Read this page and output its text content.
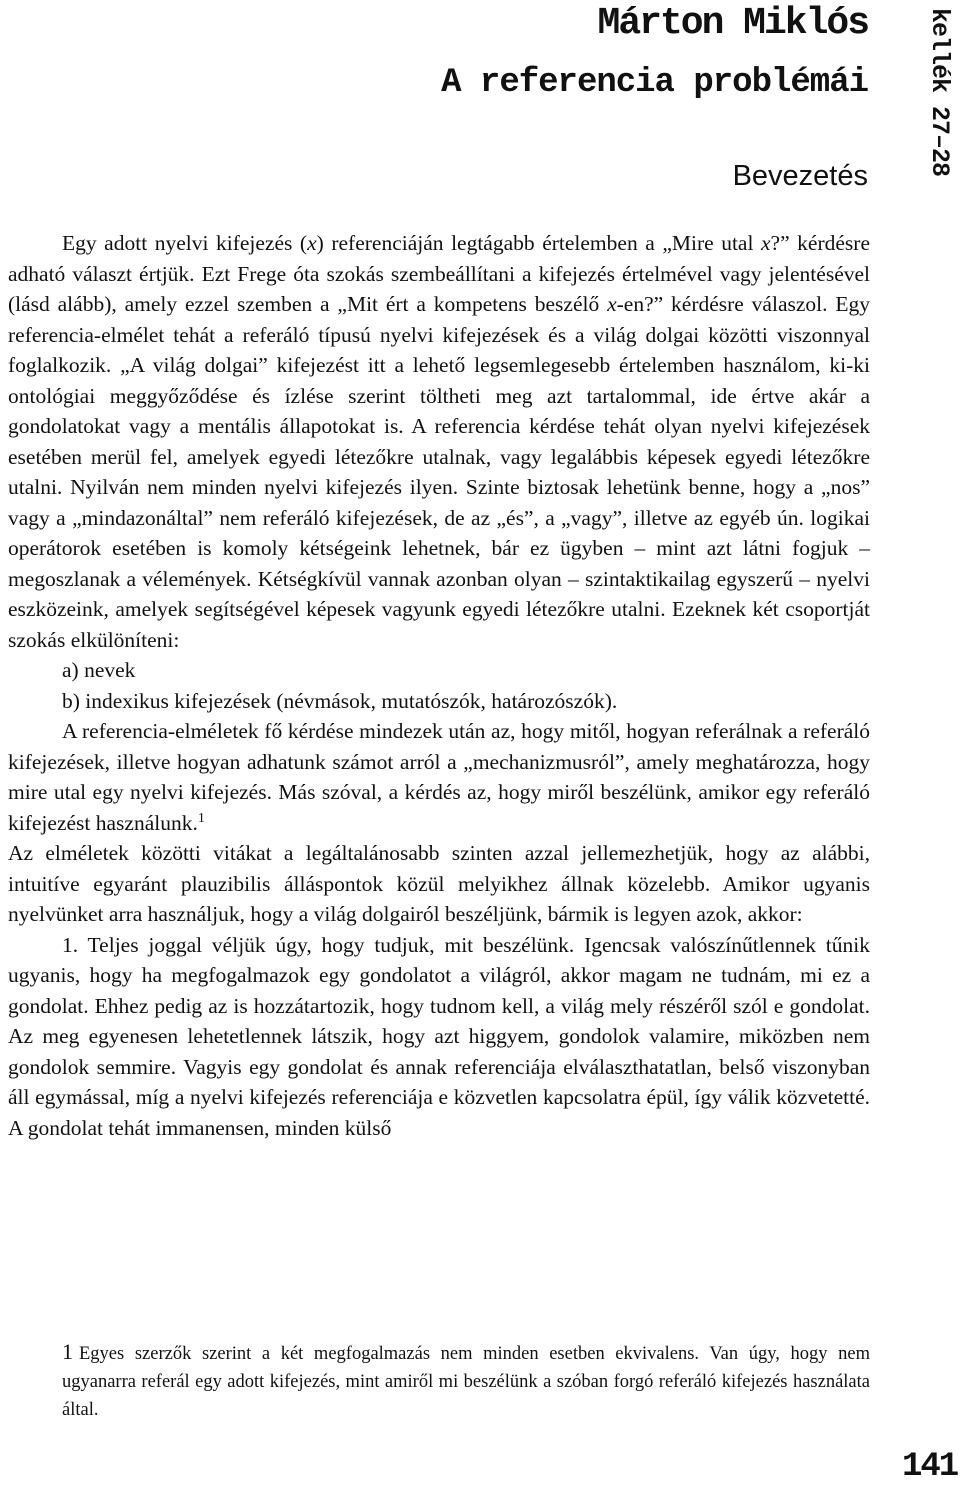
Márton Miklós
A referencia problémái
Bevezetés	kellék 27–28

Egy adott nyelvi kifejezés (x) referenciáján legtágabb értelemben a „Mire utal x?” kérdésre adható választ értjük. Ezt Frege óta szokás szembeállítani a kifejezés értelmével vagy jelentésével (lásd alább), amely ezzel szemben a „Mit ért a kompetens beszélő x-en?” kérdésre válaszol. Egy referencia-elmélet tehát a referáló típusú nyelvi kifejezések és a világ dolgai közötti viszonnyal foglalkozik. „A világ dolgai” kifejezést itt a lehető legsemlegesebb értelemben használom, ki-ki ontológiai meggyőződése és ízlése szerint töltheti meg azt tartalommal, ide értve akár a gondolatokat vagy a mentális állapotokat is. A referencia kérdése tehát olyan nyelvi kifejezések esetében merül fel, amelyek egyedi létezőkre utalnak, vagy legalábbis képesek egyedi létezőkre utalni. Nyilván nem minden nyelvi kifejezés ilyen. Szinte biztosak lehetünk benne, hogy a „nos” vagy a „mindazonáltal” nem referáló kifejezések, de az „és”, a „vagy”, illetve az egyéb ún. logikai operátorok esetében is komoly kétségeink lehetnek, bár ez ügyben – mint azt látni fogjuk – megoszlanak a vélemények. Kétségkívül vannak azonban olyan – szintaktikailag egyszerű – nyelvi eszközeink, amelyek segítségével képesek vagyunk egyedi létezőkre utalni. Ezeknek két csoportját szokás elkülöníteni:

a) nevek

b) indexikus kifejezések (névmások, mutatószók, határozószók).

A referencia-elméletek fő kérdése mindezek után az, hogy mitől, hogyan referálnak a referáló kifejezések, illetve hogyan adhatunk számot arról a „mechanizmusról”, amely meghatározza, hogy mire utal egy nyelvi kifejezés. Más szóval, a kérdés az, hogy miről beszélünk, amikor egy referáló kifejezést használunk.$^1$

Az elméletek közötti vitákat a legáltalánosabb szinten azzal jellemezhetjük, hogy az alábbi, intuitíve egyaránt plauzibilis álláspontok közül melyikhez állnak közelebb. Amikor ugyanis nyelvünket arra használjuk, hogy a világ dolgairól beszéljünk, bármik is legyen azok, akkor:

1. Teljes joggal véljük úgy, hogy tudjuk, mit beszélünk. Igencsak valószínűtlennek tűnik ugyanis, hogy ha megfogalmazok egy gondolatot a világról, akkor magam ne tudnám, mi ez a gondolat. Ehhez pedig az is hozzátartozik, hogy tudnom kell, a világ mely részéről szól e gondolat. Az meg egyenesen lehetetlennek látszik, hogy azt higgyem, gondolok valamire, miközben nem gondolok semmire. Vagyis egy gondolat és annak referenciája elválaszthatatlan, belső viszonyban áll egymással, míg a nyelvi kifejezés referenciája e közvetlen kapcsolatra épül, így válik közvetetté. A gondolat tehát immanensen, minden külső

1 Egyes szerzők szerint a két megfogalmazás nem minden esetben ekvivalens. Van úgy, hogy nem ugyanarra referál egy adott kifejezés, mint amiről mi beszélünk a szóban forgó referáló kifejezés használata által.

141
